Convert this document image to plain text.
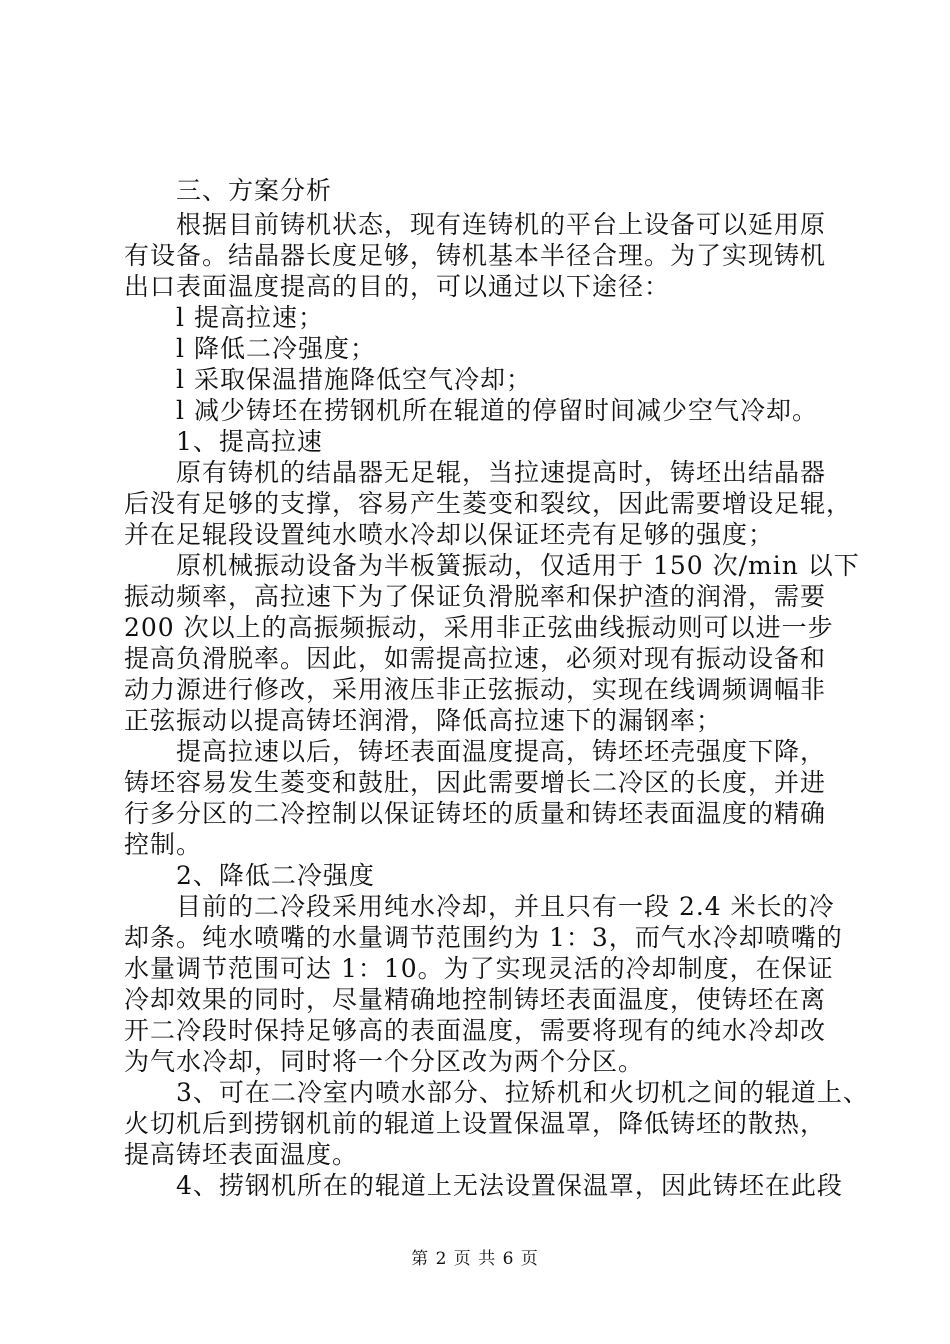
　　三、方案分析
　　根据目前铸机状态，现有连铸机的平台上设备可以延用原
有设备。结晶器长度足够，铸机基本半径合理。为了实现铸机
出口表面温度提高的目的，可以通过以下途径：
　　l 提高拉速；
　　l 降低二冷强度；
　　l 采取保温措施降低空气冷却；
　　l 减少铸坯在捞钢机所在辊道的停留时间减少空气冷却。
　　1、提高拉速
　　原有铸机的结晶器无足辊，当拉速提高时，铸坯出结晶器
后没有足够的支撑，容易产生菱变和裂纹，因此需要增设足辊，
并在足辊段设置纯水喷水冷却以保证坯壳有足够的强度；
　　原机械振动设备为半板簧振动，仅适用于 150 次/min 以下
振动频率，高拉速下为了保证负滑脱率和保护渣的润滑，需要
200 次以上的高振频振动，采用非正弦曲线振动则可以进一步
提高负滑脱率。因此，如需提高拉速，必须对现有振动设备和
动力源进行修改，采用液压非正弦振动，实现在线调频调幅非
正弦振动以提高铸坯润滑，降低高拉速下的漏钢率；
　　提高拉速以后，铸坯表面温度提高，铸坯坯壳强度下降，
铸坯容易发生菱变和鼓肚，因此需要增长二冷区的长度，并进
行多分区的二冷控制以保证铸坯的质量和铸坯表面温度的精确
控制。
　　2、降低二冷强度
　　目前的二冷段采用纯水冷却，并且只有一段 2.4 米长的冷
却条。纯水喷嘴的水量调节范围约为 1：3，而气水冷却喷嘴的
水量调节范围可达 1：10。为了实现灵活的冷却制度，在保证
冷却效果的同时，尽量精确地控制铸坯表面温度，使铸坯在离
开二冷段时保持足够高的表面温度，需要将现有的纯水冷却改
为气水冷却，同时将一个分区改为两个分区。
　　3、可在二冷室内喷水部分、拉矫机和火切机之间的辊道上、
火切机后到捞钢机前的辊道上设置保温罩，降低铸坯的散热，
提高铸坯表面温度。
　　4、捞钢机所在的辊道上无法设置保温罩，因此铸坯在此段
第 2 页 共 6 页
